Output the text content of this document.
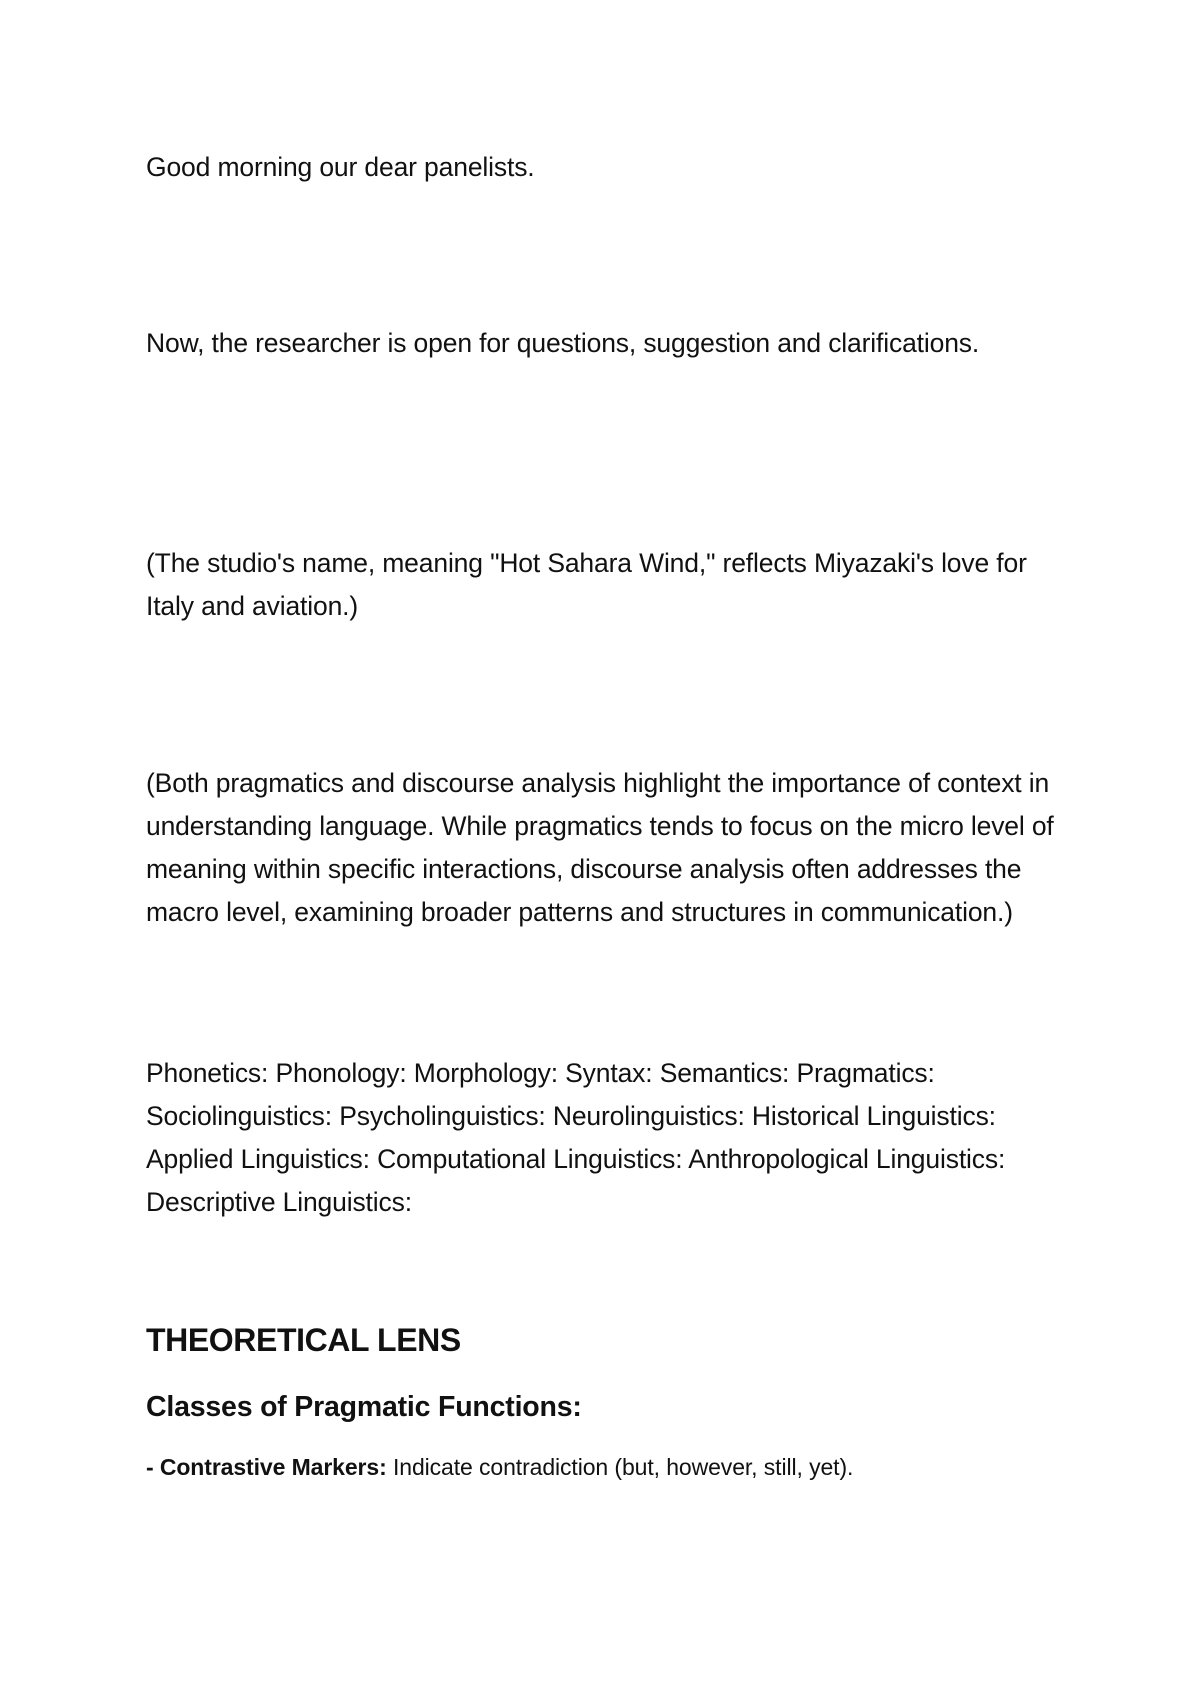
Good morning our dear panelists.

Now, the researcher is open for questions, suggestion and clarifications.

(The studio's name, meaning "Hot Sahara Wind," reflects Miyazaki's love for Italy and aviation.)

(Both pragmatics and discourse analysis highlight the importance of context in understanding language. While pragmatics tends to focus on the micro level of meaning within specific interactions, discourse analysis often addresses the macro level, examining broader patterns and structures in communication.)

Phonetics: Phonology: Morphology: Syntax: Semantics: Pragmatics: Sociolinguistics: Psycholinguistics: Neurolinguistics: Historical Linguistics: Applied Linguistics: Computational Linguistics: Anthropological Linguistics: Descriptive Linguistics:

THEORETICAL LENS
Classes of Pragmatic Functions:

- Contrastive Markers: Indicate contradiction (but, however, still, yet).
